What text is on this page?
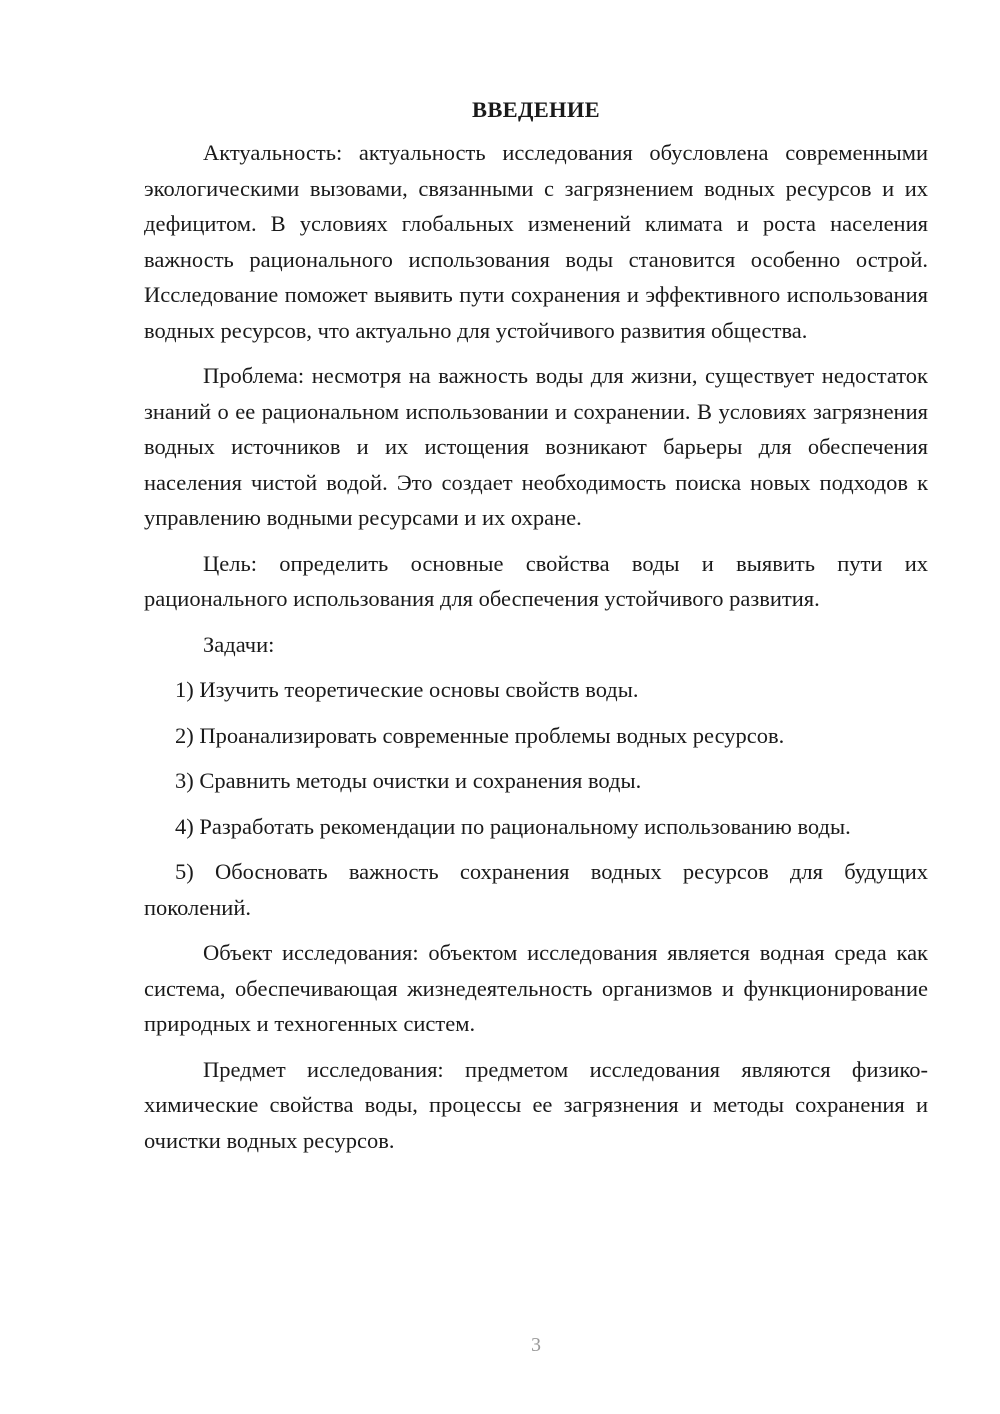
ВВЕДЕНИЕ

Актуальность: актуальность исследования обусловлена современными экологическими вызовами, связанными с загрязнением водных ресурсов и их дефицитом. В условиях глобальных изменений климата и роста населения важность рационального использования воды становится особенно острой. Исследование поможет выявить пути сохранения и эффективного использования водных ресурсов, что актуально для устойчивого развития общества.

Проблема: несмотря на важность воды для жизни, существует недостаток знаний о ее рациональном использовании и сохранении. В условиях загрязнения водных источников и их истощения возникают барьеры для обеспечения населения чистой водой. Это создает необходимость поиска новых подходов к управлению водными ресурсами и их охране.

Цель: определить основные свойства воды и выявить пути их рационального использования для обеспечения устойчивого развития.

Задачи:

1) Изучить теоретические основы свойств воды.

2) Проанализировать современные проблемы водных ресурсов.

3) Сравнить методы очистки и сохранения воды.

4) Разработать рекомендации по рациональному использованию воды.

5) Обосновать важность сохранения водных ресурсов для будущих поколений.

Объект исследования: объектом исследования является водная среда как система, обеспечивающая жизнедеятельность организмов и функционирование природных и техногенных систем.

Предмет исследования: предметом исследования являются физико-химические свойства воды, процессы ее загрязнения и методы сохранения и очистки водных ресурсов.

3
